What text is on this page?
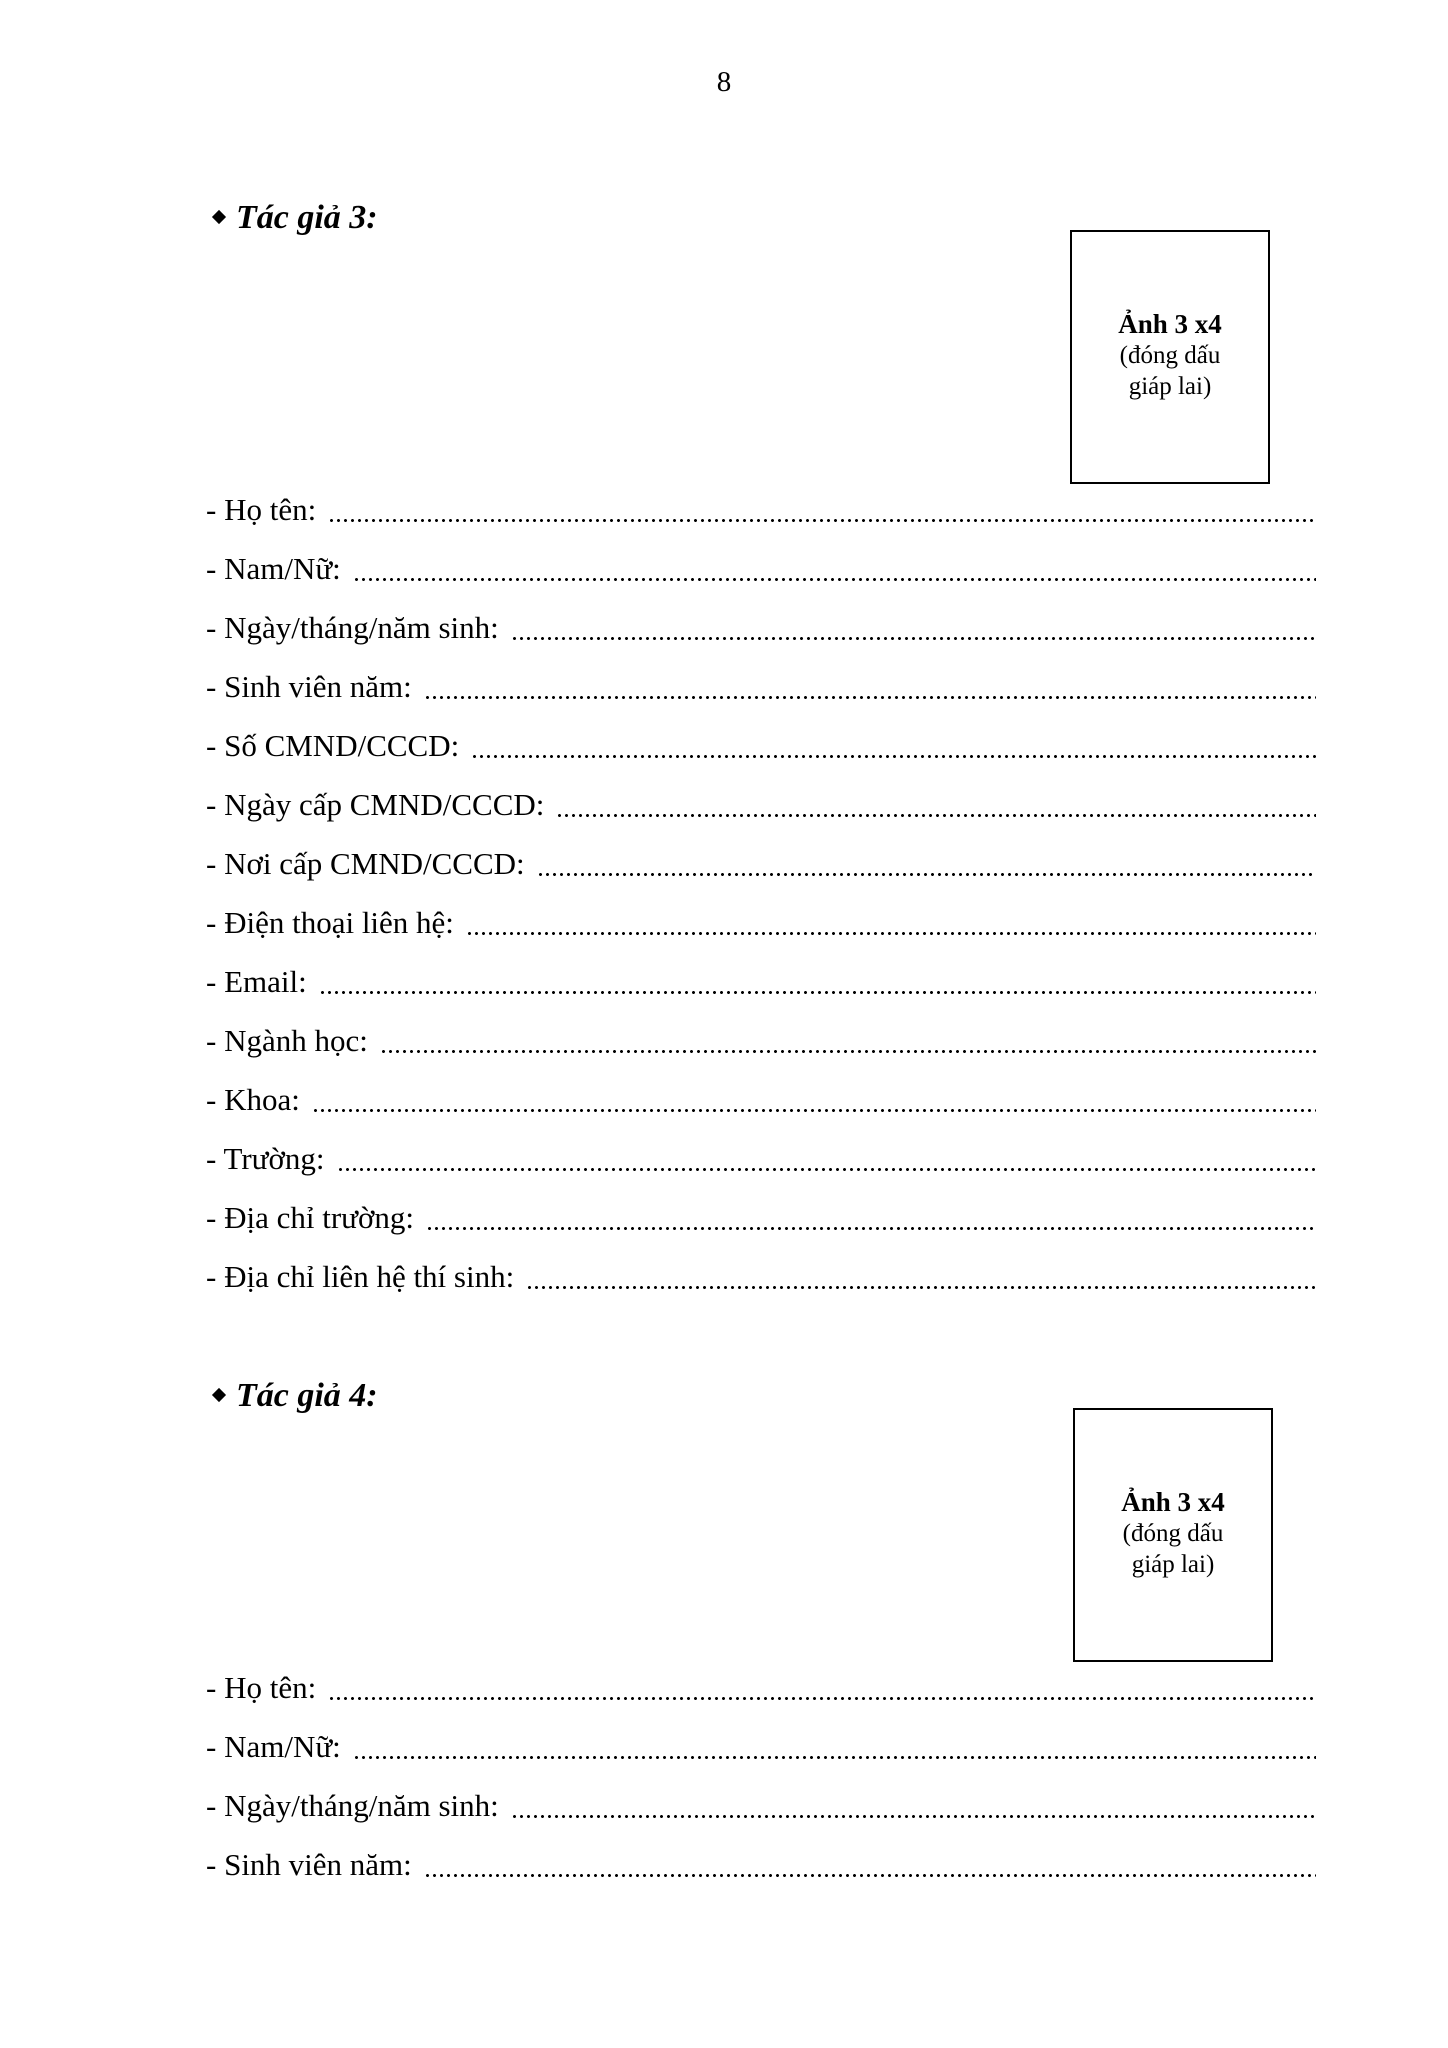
8
Tác giả 3:
Ảnh 3 x4
(đóng dấu giáp lai)
- Họ tên:
- Nam/Nữ:
- Ngày/tháng/năm sinh:
- Sinh viên năm:
- Số CMND/CCCD:
- Ngày cấp CMND/CCCD:
- Nơi cấp CMND/CCCD:
- Điện thoại liên hệ:
- Email:
- Ngành học:
- Khoa:
- Trường:
- Địa chỉ trường:
- Địa chỉ liên hệ thí sinh:
Tác giả 4:
Ảnh 3 x4
(đóng dấu giáp lai)
- Họ tên:
- Nam/Nữ:
- Ngày/tháng/năm sinh:
- Sinh viên năm:
